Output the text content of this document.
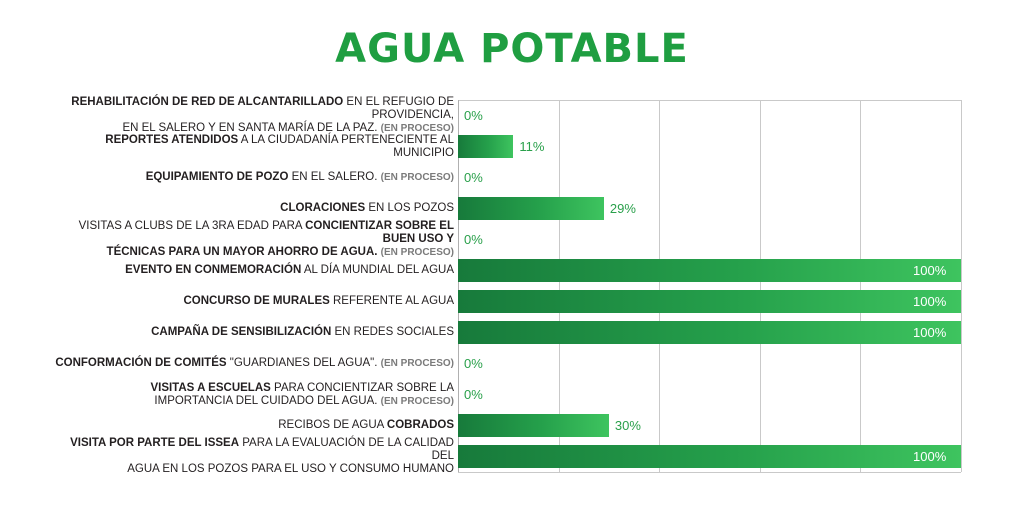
AGUA POTABLE
0%
11%
0%
29%
0%
100%
100%
100%
0%
0%
30%
100%
REHABILITACIÓN DE RED DE ALCANTARILLADO EN EL REFUGIO DE PROVIDENCIA,
EN EL SALERO Y EN SANTA MARÍA DE LA PAZ. (EN PROCESO)
REPORTES ATENDIDOS A LA CIUDADANÍA PERTENECIENTE AL MUNICIPIO
EQUIPAMIENTO DE POZO EN EL SALERO. (EN PROCESO)
CLORACIONES EN LOS POZOS
VISITAS A CLUBS DE LA 3RA EDAD PARA CONCIENTIZAR SOBRE EL BUEN USO Y
TÉCNICAS PARA UN MAYOR AHORRO DE AGUA. (EN PROCESO)
EVENTO EN CONMEMORACIÓN AL DÍA MUNDIAL DEL AGUA
CONCURSO DE MURALES REFERENTE AL AGUA
CAMPAÑA DE SENSIBILIZACIÓN EN REDES SOCIALES
CONFORMACIÓN DE COMITÉS "GUARDIANES DEL AGUA". (EN PROCESO)
VISITAS A ESCUELAS PARA CONCIENTIZAR SOBRE LA
IMPORTANCIA DEL CUIDADO DEL AGUA. (EN PROCESO)
RECIBOS DE AGUA COBRADOS
VISITA POR PARTE DEL ISSEA PARA LA EVALUACIÓN DE LA CALIDAD DEL
AGUA EN LOS POZOS PARA EL USO Y CONSUMO HUMANO
